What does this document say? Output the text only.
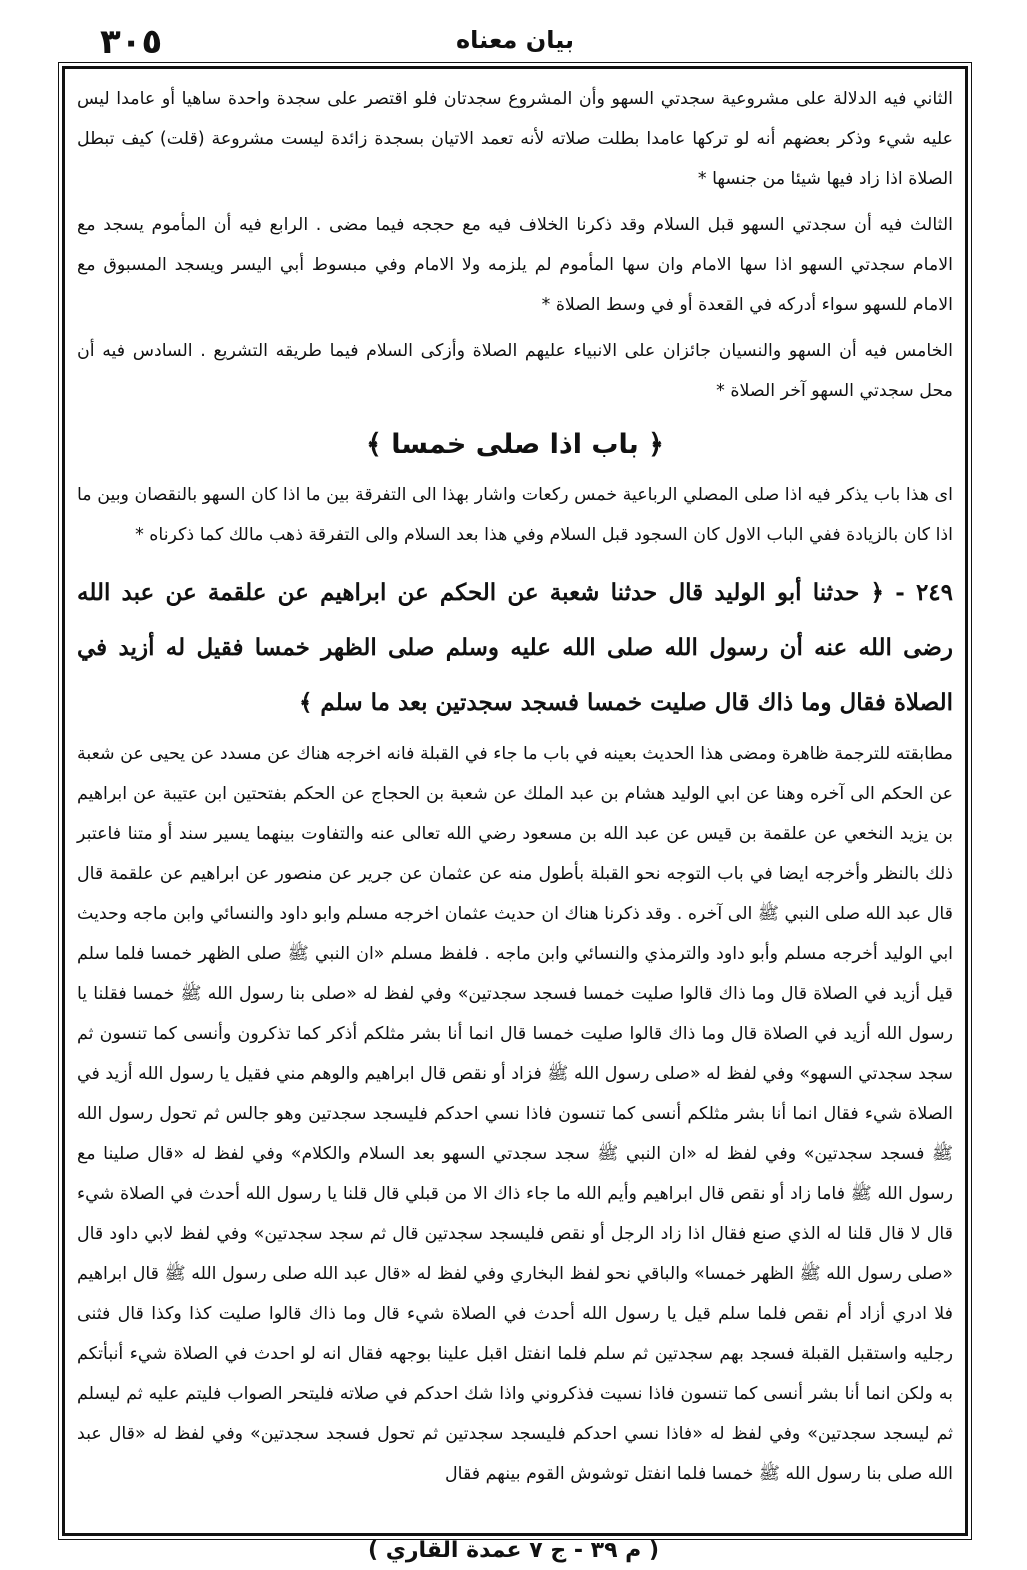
٣٠٥	بيان معناه

الثاني فيه الدلالة على مشروعية سجدتي السهو وأن المشروع سجدتان فلو اقتصر على سجدة واحدة ساهيا أو عامدا ليس عليه شيء وذكر بعضهم أنه لو تركها عامدا بطلت صلاته لأنه تعمد الاتيان بسجدة زائدة ليست مشروعة (قلت) كيف تبطل الصلاة اذا زاد فيها شيئا من جنسها *

الثالث فيه أن سجدتي السهو قبل السلام وقد ذكرنا الخلاف فيه مع حججه فيما مضى . الرابع فيه أن المأموم يسجد مع الامام سجدتي السهو اذا سها الامام وان سها المأموم لم يلزمه ولا الامام وفي مبسوط أبي اليسر ويسجد المسبوق مع الامام للسهو سواء أدركه في القعدة أو في وسط الصلاة *

الخامس فيه أن السهو والنسيان جائزان على الانبياء عليهم الصلاة وأزكى السلام فيما طريقه التشريع . السادس فيه أن محل سجدتي السهو آخر الصلاة *

﴿ باب اذا صلى خمسا ﴾

اى هذا باب يذكر فيه اذا صلى المصلي الرباعية خمس ركعات واشار بهذا الى التفرقة بين ما اذا كان السهو بالنقصان وبين ما اذا كان بالزيادة ففي الباب الاول كان السجود قبل السلام وفي هذا بعد السلام والى التفرقة ذهب مالك كما ذكرناه *

٢٤٩ - ﴿ حدثنا أبو الوليد قال حدثنا شعبة عن الحكم عن ابراهيم عن علقمة عن عبد الله رضى الله عنه أن رسول الله صلى الله عليه وسلم صلى الظهر خمسا فقيل له أزيد في الصلاة فقال وما ذاك قال صليت خمسا فسجد سجدتين بعد ما سلم ﴾

مطابقته للترجمة ظاهرة ومضى هذا الحديث بعينه في باب ما جاء في القبلة فانه اخرجه هناك عن مسدد عن يحيى عن شعبة عن الحكم الى آخره وهنا عن ابي الوليد هشام بن عبد الملك عن شعبة بن الحجاج عن الحكم بفتحتين ابن عتيبة عن ابراهيم بن يزيد النخعي عن علقمة بن قيس عن عبد الله بن مسعود رضي الله تعالى عنه والتفاوت بينهما يسير سند أو متنا فاعتبر ذلك بالنظر وأخرجه ايضا في باب التوجه نحو القبلة بأطول منه عن عثمان عن جرير عن منصور عن ابراهيم عن علقمة قال قال عبد الله صلى النبي ﷺ الى آخره . وقد ذكرنا هناك ان حديث عثمان اخرجه مسلم وابو داود والنسائي وابن ماجه وحديث ابي الوليد أخرجه مسلم وأبو داود والترمذي والنسائي وابن ماجه . فلفظ مسلم «ان النبي ﷺ صلى الظهر خمسا فلما سلم قيل أزيد في الصلاة قال وما ذاك قالوا صليت خمسا فسجد سجدتين» وفي لفظ له «صلى بنا رسول الله ﷺ خمسا فقلنا يا رسول الله أزيد في الصلاة قال وما ذاك قالوا صليت خمسا قال انما أنا بشر مثلكم أذكر كما تذكرون وأنسى كما تنسون ثم سجد سجدتي السهو» وفي لفظ له «صلى رسول الله ﷺ فزاد أو نقص قال ابراهيم والوهم مني فقيل يا رسول الله أزيد في الصلاة شيء فقال انما أنا بشر مثلكم أنسى كما تنسون فاذا نسي احدكم فليسجد سجدتين وهو جالس ثم تحول رسول الله ﷺ فسجد سجدتين» وفي لفظ له «ان النبي ﷺ سجد سجدتي السهو بعد السلام والكلام» وفي لفظ له «قال صلينا مع رسول الله ﷺ فاما زاد أو نقص قال ابراهيم وأيم الله ما جاء ذاك الا من قبلي قال قلنا يا رسول الله أحدث في الصلاة شيء قال لا قال قلنا له الذي صنع فقال اذا زاد الرجل أو نقص فليسجد سجدتين قال ثم سجد سجدتين» وفي لفظ لابي داود قال «صلى رسول الله ﷺ الظهر خمسا» والباقي نحو لفظ البخاري وفي لفظ له «قال عبد الله صلى رسول الله ﷺ قال ابراهيم فلا ادري أزاد أم نقص فلما سلم قيل يا رسول الله أحدث في الصلاة شيء قال وما ذاك قالوا صليت كذا وكذا قال فثنى رجليه واستقبل القبلة فسجد بهم سجدتين ثم سلم فلما انفتل اقبل علينا بوجهه فقال انه لو احدث في الصلاة شيء أنبأتكم به ولكن انما أنا بشر أنسى كما تنسون فاذا نسيت فذكروني واذا شك احدكم في صلاته فليتحر الصواب فليتم عليه ثم ليسلم ثم ليسجد سجدتين» وفي لفظ له «فاذا نسي احدكم فليسجد سجدتين ثم تحول فسجد سجدتين» وفي لفظ له «قال عبد الله صلى بنا رسول الله ﷺ خمسا فلما انفتل توشوش القوم بينهم فقال

( م ٣٩ - ج ٧ عمدة القاري )
